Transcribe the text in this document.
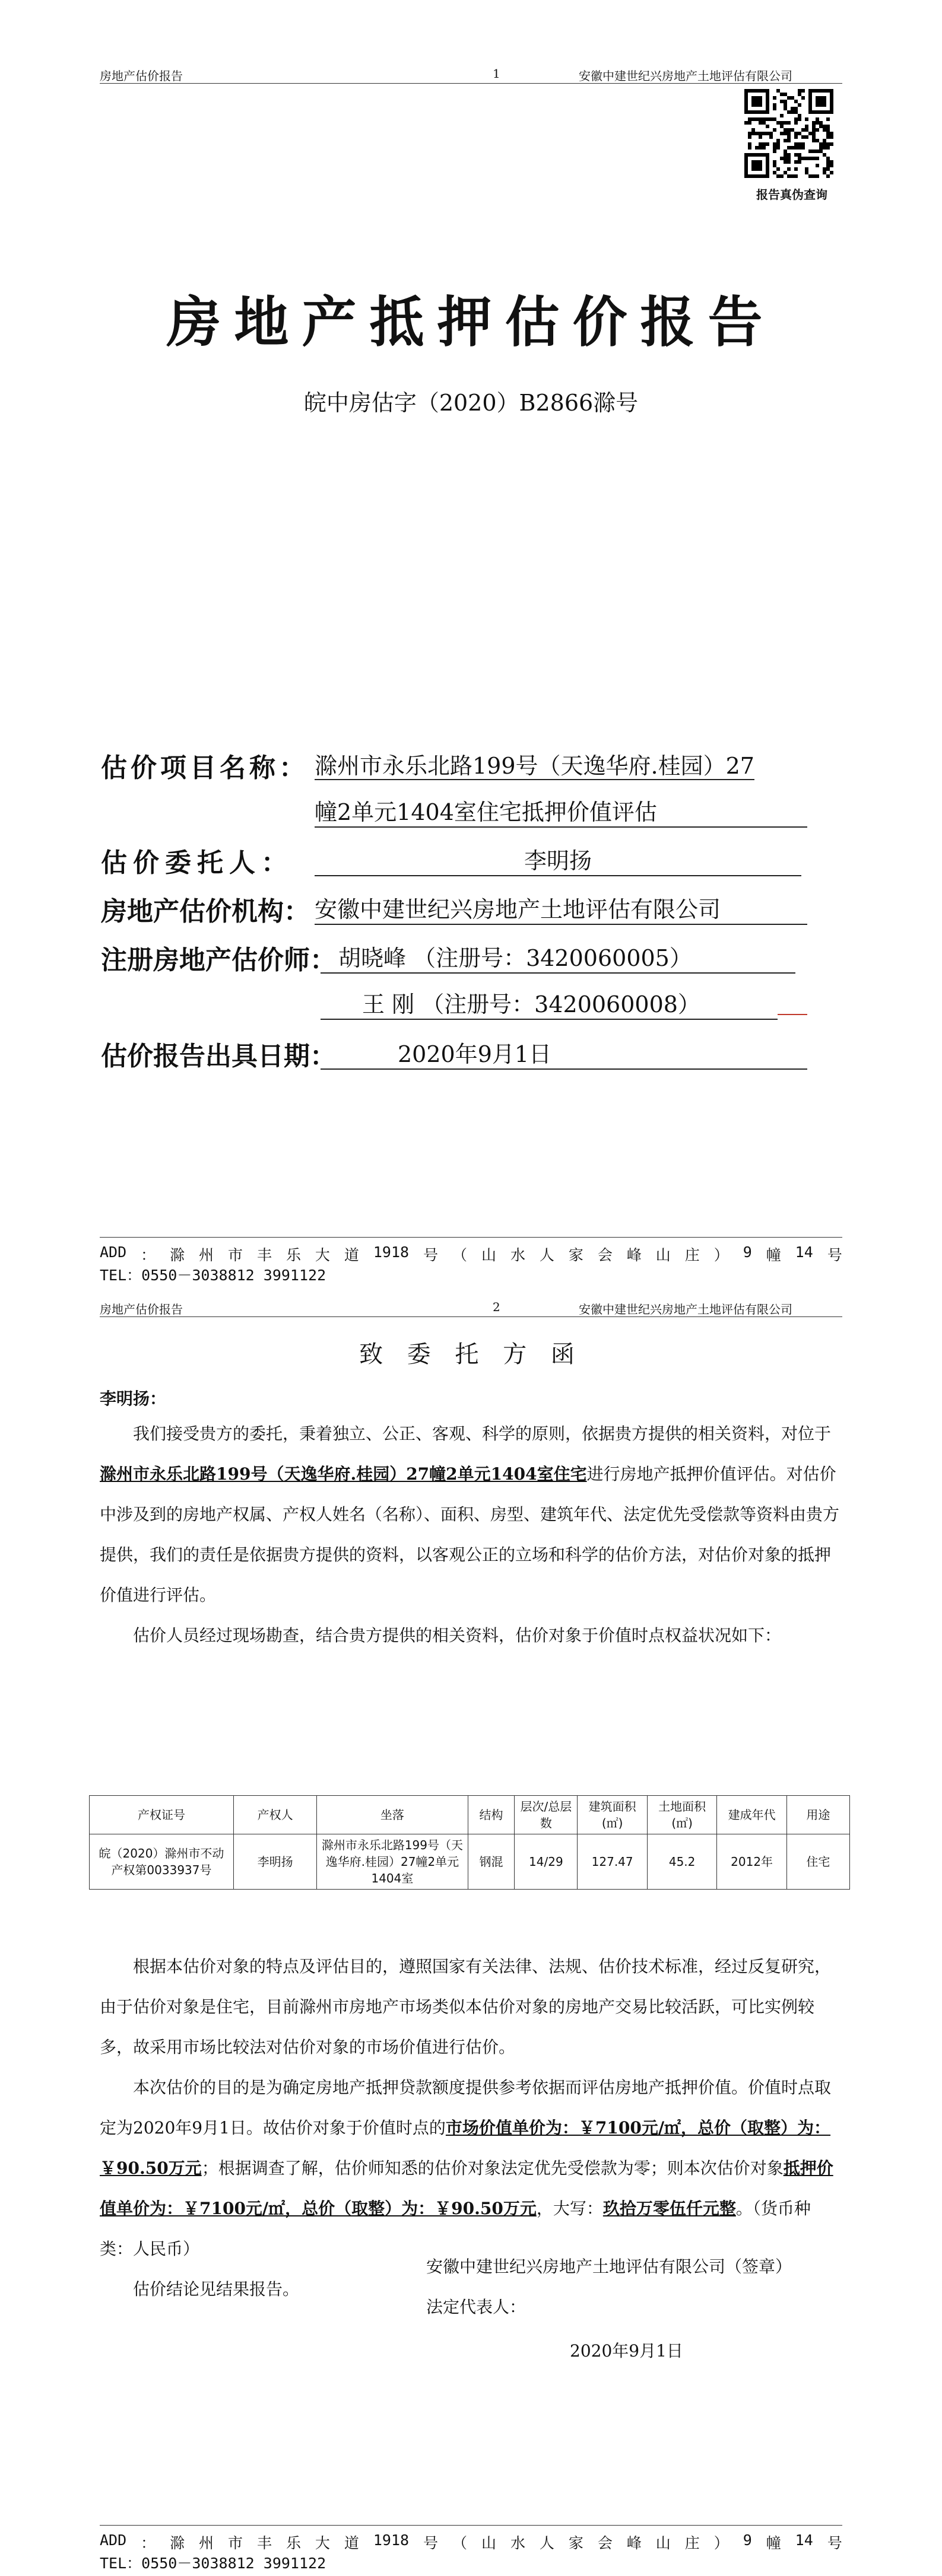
房地产估价报告	1	安徽中建世纪兴房地产土地评估有限公司
报告真伪查询
房地产抵押估价报告
皖中房估字（2020）B2866滁号
估价项目名称： 滁州市永乐北路199号（天逸华府.桂园）27
幢2单元1404室住宅抵押价值评估
估价委托人：	李明扬
房地产估价机构： 安徽中建世纪兴房地产土地评估有限公司
注册房地产估价师： 胡晓峰 （注册号：3420060005）
王 刚 （注册号：3420060008）
估价报告出具日期：	2020年9月1日
ADD ： 滁 州 市 丰 乐 大 道 1918 号 （ 山 水 人 家 会 峰 山 庄 ） 9 幢 14 号
TEL：0550－3038812 3991122
房地产估价报告	2	安徽中建世纪兴房地产土地评估有限公司
致 委 托 方 函
李明扬：

我们接受贵方的委托，秉着独立、公正、客观、科学的原则，依据贵方提供的相关资料，对位于滁州市永乐北路199号（天逸华府.桂园）27幢2单元1404室住宅进行房地产抵押价值评估。对估价中涉及到的房地产权属、产权人姓名（名称）、面积、房型、建筑年代、法定优先受偿款等资料由贵方提供，我们的责任是依据贵方提供的资料，以客观公正的立场和科学的估价方法，对估价对象的抵押价值进行评估。

估价人员经过现场勘查，结合贵方提供的相关资料，估价对象于价值时点权益状况如下：

产权证号	产权人	坐落	结构	层次/总层数	建筑面积(㎡)	土地面积(㎡)	建成年代	用途
皖（2020）滁州市不动产权第0033937号	李明扬	滁州市永乐北路199号（天逸华府.桂园）27幢2单元1404室	钢混	14/29	127.47	45.2	2012年	住宅

根据本估价对象的特点及评估目的，遵照国家有关法律、法规、估价技术标准，经过反复研究，由于估价对象是住宅，目前滁州市房地产市场类似本估价对象的房地产交易比较活跃，可比实例较多，故采用市场比较法对估价对象的市场价值进行估价。

本次估价的目的是为确定房地产抵押贷款额度提供参考依据而评估房地产抵押价值。价值时点取定为2020年9月1日。故估价对象于价值时点的市场价值单价为：￥7100元/㎡，总价（取整）为：￥90.50万元；根据调查了解，估价师知悉的估价对象法定优先受偿款为零；则本次估价对象抵押价值单价为：￥7100元/㎡，总价（取整）为：￥90.50万元，大写：玖拾万零伍仟元整。（货币种类：人民币）

估价结论见结果报告。

安徽中建世纪兴房地产土地评估有限公司（签章）
法定代表人：
2020年9月1日
ADD ： 滁 州 市 丰 乐 大 道 1918 号 （ 山 水 人 家 会 峰 山 庄 ） 9 幢 14 号
TEL：0550－3038812 3991122
